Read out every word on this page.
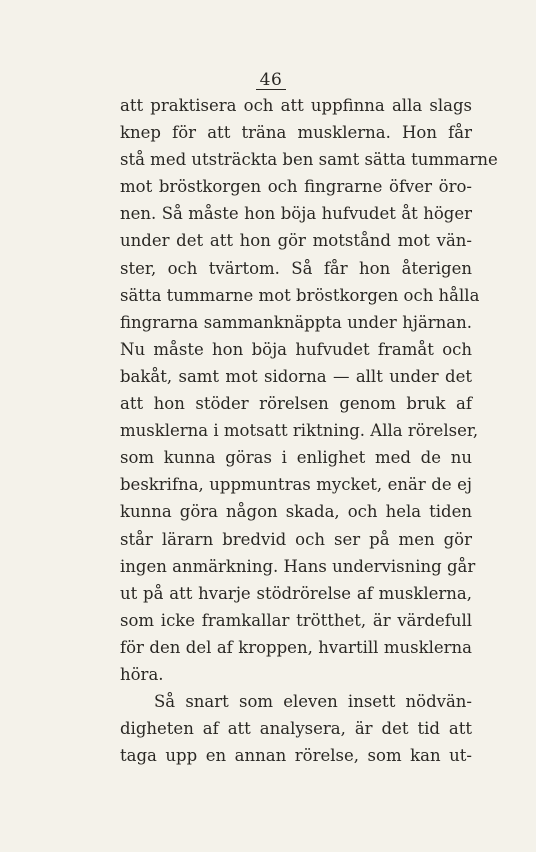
46
att praktisera och att uppfinna alla slags
knep för att träna musklerna. Hon får
stå med utsträckta ben samt sätta tummarne
mot bröstkorgen och fingrarne öfver öro-
nen. Så måste hon böja hufvudet åt höger
under det att hon gör motstånd mot vän-
ster, och tvärtom. Så får hon återigen
sätta tummarne mot bröstkorgen och hålla
fingrarna sammanknäppta under hjärnan.
Nu måste hon böja hufvudet framåt och
bakåt, samt mot sidorna — allt under det
att hon stöder rörelsen genom bruk af
musklerna i motsatt riktning. Alla rörelser,
som kunna göras i enlighet med de nu
beskrifna, uppmuntras mycket, enär de ej
kunna göra någon skada, och hela tiden
står lärarn bredvid och ser på men gör
ingen anmärkning. Hans undervisning går
ut på att hvarje stödrörelse af musklerna,
som icke framkallar trötthet, är värdefull
för den del af kroppen, hvartill musklerna
höra.
Så snart som eleven insett nödvän-
digheten af att analysera, är det tid att
taga upp en annan rörelse, som kan ut-
